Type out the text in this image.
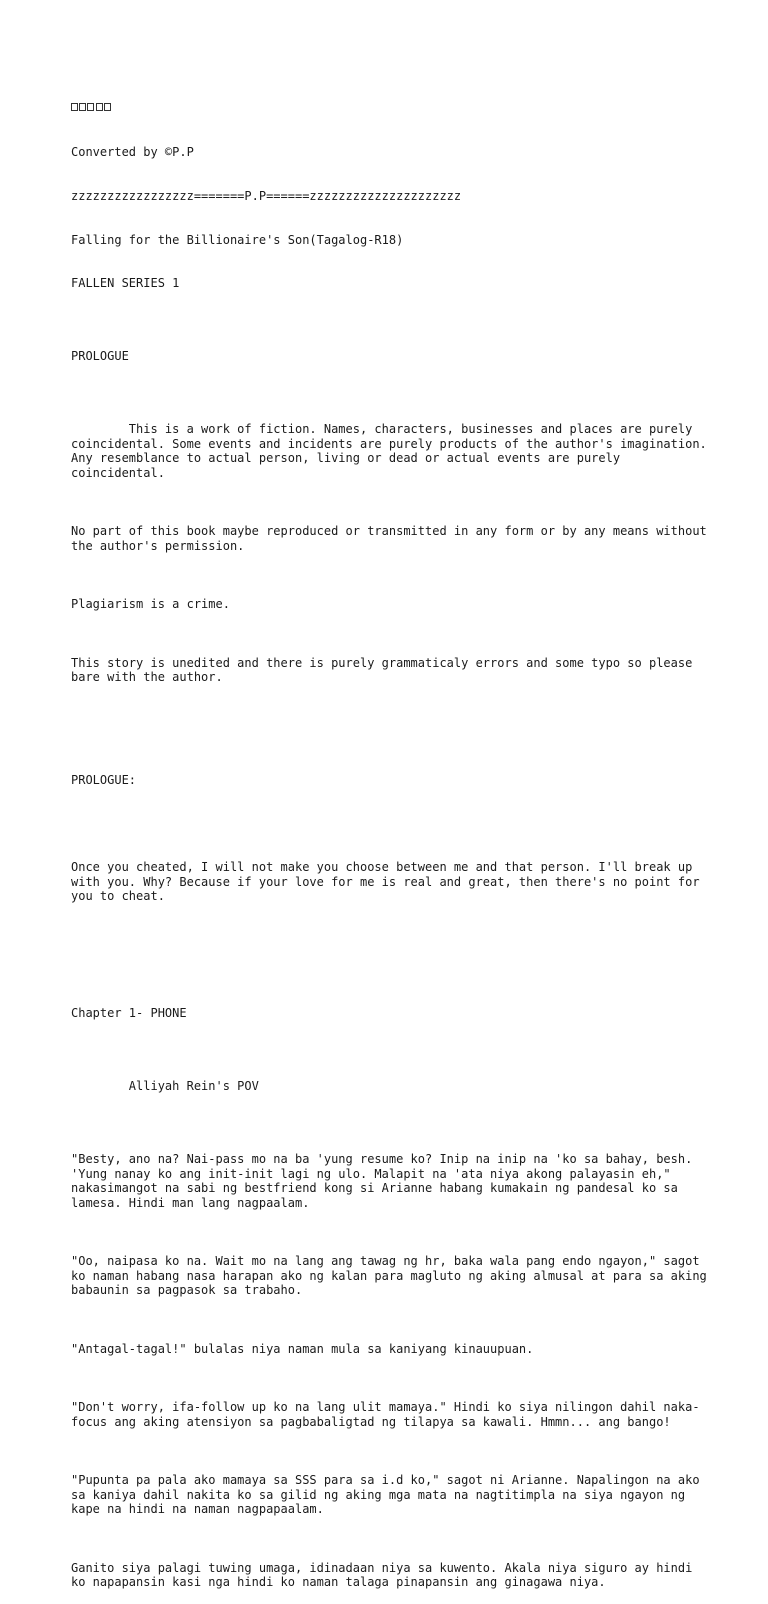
Converted by ©P.P

zzzzzzzzzzzzzzzzz=======P.P======zzzzzzzzzzzzzzzzzzzzz

Falling for the Billionaire's Son(Tagalog-R18)

FALLEN SERIES 1

PROLOGUE

This is a work of fiction. Names, characters, businesses and places are purely coincidental. Some events and incidents are purely products of the author's imagination. Any resemblance to actual person, living or dead or actual events are purely coincidental.

No part of this book maybe reproduced or transmitted in any form or by any means without the author's permission.

Plagiarism is a crime.

This story is unedited and there is purely grammaticaly errors and some typo so please bare with the author.

PROLOGUE:

Once you cheated, I will not make you choose between me and that person. I'll break up with you. Why? Because if your love for me is real and great, then there's no point for you to cheat.

Chapter 1- PHONE

Alliyah Rein's POV

"Besty, ano na? Nai-pass mo na ba 'yung resume ko? Inip na inip na 'ko sa bahay, besh. 'Yung nanay ko ang init-init lagi ng ulo. Malapit na 'ata niya akong palayasin eh," nakasimangot na sabi ng bestfriend kong si Arianne habang kumakain ng pandesal ko sa lamesa. Hindi man lang nagpaalam.

"Oo, naipasa ko na. Wait mo na lang ang tawag ng hr, baka wala pang endo ngayon," sagot ko naman habang nasa harapan ako ng kalan para magluto ng aking almusal at para sa aking babaunin sa pagpasok sa trabaho.

"Antagal-tagal!" bulalas niya naman mula sa kaniyang kinauupuan.

"Don't worry, ifa-follow up ko na lang ulit mamaya." Hindi ko siya nilingon dahil naka-focus ang aking atensiyon sa pagbabaligtad ng tilapya sa kawali. Hmmn... ang bango!

"Pupunta pa pala ako mamaya sa SSS para sa i.d ko," sagot ni Arianne. Napalingon na ako sa kaniya dahil nakita ko sa gilid ng aking mga mata na nagtitimpla na siya ngayon ng kape na hindi na naman nagpapaalam.

Ganito siya palagi tuwing umaga, idinadaan niya sa kuwento. Akala niya siguro ay hindi ko napapansin kasi nga hindi ko naman talaga pinapansin ang ginagawa niya.
